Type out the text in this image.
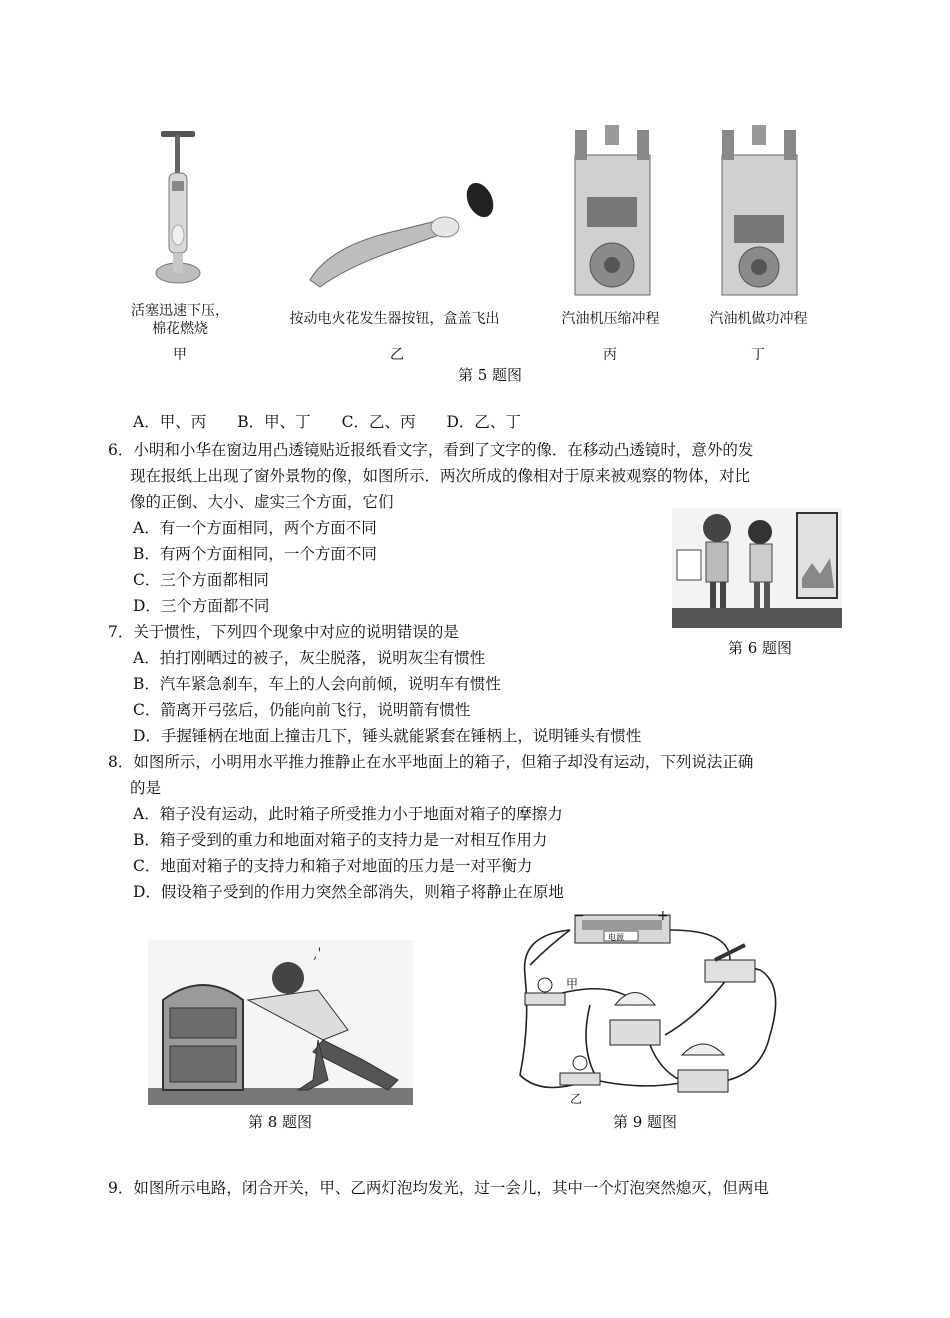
活塞迅速下压，
棉花燃烧
甲
按动电火花发生器按钮，盒盖飞出
乙
汽油机压缩冲程
丙
汽油机做功冲程
丁
第 5 题图
A．甲、丙　　B．甲、丁　　C．乙、丙　　D．乙、丁
6．小明和小华在窗边用凸透镜贴近报纸看文字，看到了文字的像．在移动凸透镜时，意外的发
现在报纸上出现了窗外景物的像，如图所示．两次所成的像相对于原来被观察的物体，对比
像的正倒、大小、虚实三个方面，它们
A．有一个方面相同，两个方面不同
B．有两个方面相同，一个方面不同
C．三个方面都相同
D．三个方面都不同
第 6 题图
7．关于惯性，下列四个现象中对应的说明错误的是
A．拍打刚晒过的被子，灰尘脱落，说明灰尘有惯性
B．汽车紧急刹车，车上的人会向前倾，说明车有惯性
C．箭离开弓弦后，仍能向前飞行，说明箭有惯性
D．手握锤柄在地面上撞击几下，锤头就能紧套在锤柄上，说明锤头有惯性
8．如图所示，小明用水平推力推静止在水平地面上的箱子，但箱子却没有运动，下列说法正确
的是
A．箱子没有运动，此时箱子所受推力小于地面对箱子的摩擦力
B．箱子受到的重力和地面对箱子的支持力是一对相互作用力
C．地面对箱子的支持力和箱子对地面的压力是一对平衡力
D．假设箱子受到的作用力突然全部消失，则箱子将静止在原地
,'
第 8 题图
电源
−	+
甲
乙
第 9 题图
9．如图所示电路，闭合开关，甲、乙两灯泡均发光，过一会儿，其中一个灯泡突然熄灭，但两电
